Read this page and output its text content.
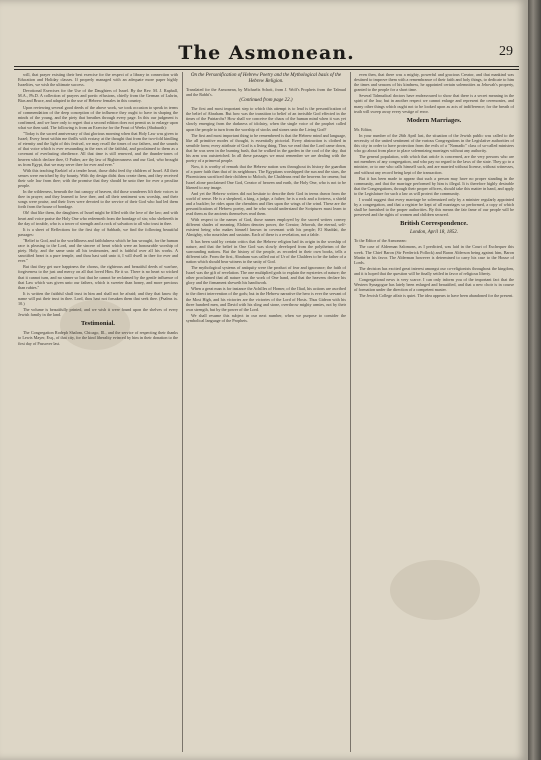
The Asmonean.	29

will, that prayer existing their best exercise for the respect of a library in connection with Education and Holiday classes. If properly managed with an adequate more paper highly Israelites, we wish the ultimate success.

Devotional Exercises for the Use of the Daughters of Israel. By the Rev. M. J. Raphall, M.A., Ph.D. A collection of prayers and poetic effusions, chiefly from the German of Luhrin, Bias and Bruce, and adapted to the use of Hebrew females in this country.

Upon reviewing several good deeds of the above work, we took occasion to speak in terms of commendation of the deep conception of the influence they ought to have in shaping the minds of the young, and the piety that breathes through every page. In this our judgment is confirmed, and we have only to regret that a second edition does not permit us to enlarge upon what we then said. The following is from an Exercise for the Feast of Weeks (Shabuoth):

"Today is the sacred anniversary of that glorious morning when that Holy Law was given to Israel; Every heart within me thrills with ecstasy at the thought that from the two-fold kindling of eternity and the light of this festival, we may recall the times of our fathers, and the sounds of that voice which is ever resounding in the ears of the faithful, and proclaimed to them as a covenant of everlasting obedience. All that time is still renewed, and the thunder-tones of heaven which declare thee, O Father, are thy law of Righteousness and our God, who brought us from Egypt, that we may serve thee for ever and ever."

With this teaching Ezekiel of a tender heart, those didst feed thy children of Israel. All their senses were enriched by thy bounty. With thy design didst thou create them, and they received their sole law from thee; with the promise that they should be unto thee for ever a peculiar people.

In the wilderness, beneath the fast canopy of heaven, did those wanderers lift their voices to thee in prayer; and they learned to love thee, and all their sentiment was worship, and their songs were praise, and their lives were devoted to the service of their God who had led them forth from the house of bondage.

Oh! that like them, the daughters of Israel might be filled with the love of the law; and with heart and voice praise the Holy One who redeemeth from the bondage of sin; who sheltereth in the day of trouble, who is a tower of strength and a rock of salvation to all who trust in thee.

It is a sheet of Reflections for the first day of Sabbath, we find the following beautiful passages:

"Relief to God, and to the worldliness and faithfulness which he has wrought, for the human race is pleasing to the Lord, and the sincere of heart which were an honourable worship of piety. Holy, and the same unto all his testimonies, and is faithful over all his works. A sanctified heart is a pure temple, and thou hast said unto it, I will dwell in thee for ever and ever."

But that they get sure happiness the chorus, the righteous and beautiful deeds of warfare, forgiveness to the just and mercy on all that loved Him. Be it so. There is no heart so wicked that it cannot turn, and no sinner so lost that he cannot be reclaimed by the gentle influence of that Law which was given unto our fathers, which is sweeter than honey, and more precious than rubies."

It is written the faithful shall trust in him and shall not be afraid; and they that know thy name will put their trust in thee. Lord, thou hast not forsaken them that seek thee. (Psalms ix. 10.)

The volume is beautifully printed, and we wish it were found upon the shelves of every Jewish family in the land.

Testimonial.

The Congregation Rodeph Shalom, Chicago, Ill., and the service of respecting their thanks to Lewis Mayer, Esq., of that city, for the kind liberality evinced by him in their donation to the first day of Passover last.

On the Personification of Hebrew Poetry and the Mythological basis of the Hebrew Religion.

Translated for the Asmonean, by Michaelis Schott, from J. Wolf's Prophets from the Talmud and the Rabbi's.

(Continued from page 22.)

The first and most important step to which this attempt is to lead is the personification of the belief of Abraham. But how was the transition to belief of an invisible God effected in the times of the Patriarchs? How shall we conceive the chaos of the human mind when it was yet slowly emerging from the darkness of idolatry, when the single voice of the prophet called upon the people to turn from the worship of stocks and stones unto the Living God?

The first and most important thing to be remembered is that the Hebrew mind and language, like all primitive modes of thought, is essentially pictorial. Every abstraction is clothed in sensible form; every attribute of God is a living thing. Thus we read that the Lord came down, that he was seen in the burning bush, that he walked in the garden in the cool of the day, that his arm was outstretched. In all these passages we must remember we are dealing with the poetry of a primeval people.

Now, it is worthy of remark that the Hebrew nation was throughout its history the guardian of a purer faith than that of its neighbours. The Egyptians worshipped the sun and the stars, the Phoenicians sacrificed their children to Moloch, the Chaldeans read the heavens for omens; but Israel alone proclaimed One God, Creator of heaven and earth, the Holy One, who is not to be likened to any image.

And yet the Hebrew writers did not hesitate to describe their God in terms drawn from the world of sense. He is a shepherd, a king, a judge, a father; he is a rock and a fortress, a shield and a buckler; he rides upon the cherubim and flies upon the wings of the wind. These are the personifications of Hebrew poetry, and he who would understand the Scriptures must learn to read them as the ancients themselves read them.

With respect to the names of God, those names employed by the sacred writers convey different shades of meaning. Elohim denotes power, the Creator; Jehovah, the eternal, self-existent being who makes himself known in covenant with his people; El Shaddai, the Almighty, who nourishes and sustains. Each of these is a revelation, not a fable.

It has been said by certain critics that the Hebrew religion had its origin in the worship of nature, and that the belief in One God was slowly developed from the polytheism of the surrounding nations. But the history of the people, as recorded in their own books, tells a different tale. From the first, Abraham was called out of Ur of the Chaldees to be the father of a nation which should bear witness to the unity of God.

The mythological systems of antiquity were the product of fear and ignorance; the faith of Israel was the gift of revelation. The one multiplied gods to explain the mysteries of nature; the other proclaimed that all nature was the work of One hand, and that the heavens declare his glory and the firmament sheweth his handiwork.

When a great man is for instance the Achilles of Homer, of the Iliad, his actions are ascribed to the direct intervention of the gods; but in the Hebrew narrative the hero is ever the servant of the Most High, and his victories are the victories of the Lord of Hosts. Thus Gideon with his three hundred men, and David with his sling and stone, overthrow mighty armies, not by their own strength, but by the power of the Lord.

We shall resume this subject in our next number, when we purpose to consider the symbolical language of the Prophets.

even then, that there was a mighty, powerful and gracious Creator, and that mankind was destined to improve them with a remembrance of their faith and holy things, to dedicate to him the times and seasons of his kindness, he appointed certain solemnities as Jehovah's property, granted to the people for a short time.

Several Talmudical doctors have endeavoured to show that there is a secret meaning in the spirit of the law, but in another respect we cannot enlarge and represent the ceremonies, and many other things which ought not to be looked upon as acts of indifference; for the breath of truth will sweep away every vestige of error.

Modern Marriages.

Mr. Editor,

In your number of the 26th April last, the situation of the Jewish public was called to the necessity of the united sentiment of the various Congregations in the Legislative authorities of this city in order to have protection from the evils of a "Nomadic" class of so-called ministers who go about from place to place solemnizing marriages without any authority.

The general population, with which that article is concerned, are the very persons who are not members of any congregation, and who pay no regard to the laws of the state. They go to a minister, or to one who calls himself such, and are married without license, without witnesses, and without any record being kept of the transaction.

But it has been made to appear that such a person may have no proper standing in the community, and that the marriage performed by him is illegal. It is therefore highly desirable that the Congregations, through their proper officers, should take this matter in hand, and apply to the Legislature for such a law as will protect the community.

I would suggest that every marriage be solemnized only by a minister regularly appointed by a congregation, and that a register be kept of all marriages so performed, a copy of which shall be furnished to the proper authorities. By this means the fair fame of our people will be preserved and the rights of women and children secured.

British Correspondence.

London, April 18, 1852.

To the Editor of the Asmonean:

The case of Alderman Salomons, as I predicted, was laid in the Court of Exchequer this week. The Chief Baron (Sir Frederick Pollock) and Baron Alderson being against him, Baron Martin in his favor. The Alderman however is determined to carry his case to the House of Lords.

The decision has excited great interest amongst our co-religionists throughout the kingdom, and it is hoped that the question will be finally settled in favor of religious liberty.

Congregational news is very scarce. I can only inform you of the important fact that the Western Synagogue has lately been enlarged and beautified, and that a new choir is in course of formation under the direction of a competent master.

The Jewish College affair is quiet. The idea appears to have been abandoned for the present.
